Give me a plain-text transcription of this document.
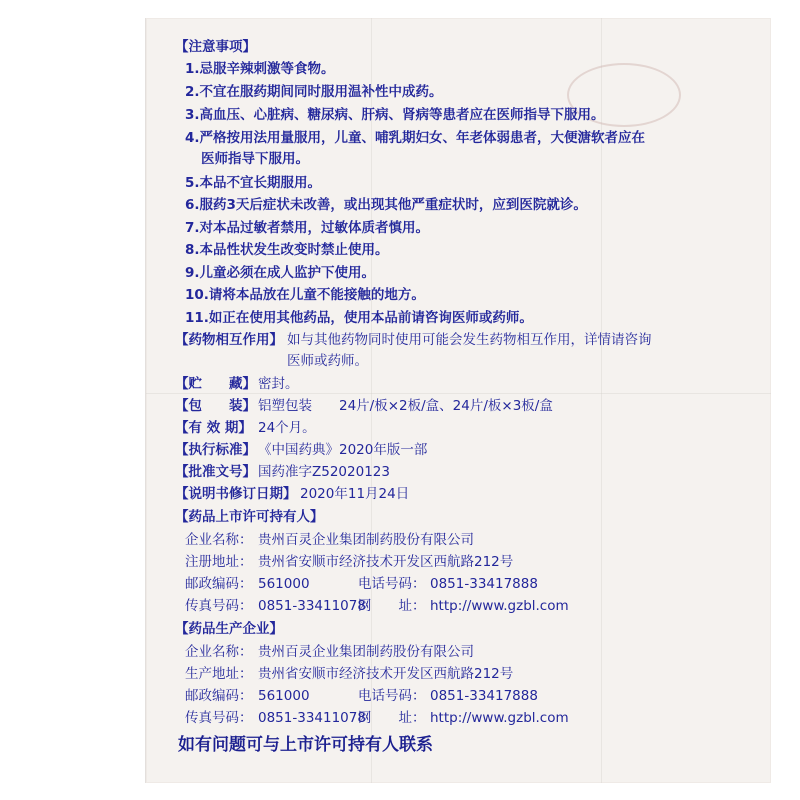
【注意事项】
1.忌服辛辣刺激等食物。
2.不宜在服药期间同时服用温补性中成药。
3.高血压、心脏病、糖尿病、肝病、肾病等患者应在医师指导下服用。
4.严格按用法用量服用，儿童、哺乳期妇女、年老体弱患者，大便溏软者应在
医师指导下服用。
5.本品不宜长期服用。
6.服药3天后症状未改善，或出现其他严重症状时，应到医院就诊。
7.对本品过敏者禁用，过敏体质者慎用。
8.本品性状发生改变时禁止使用。
9.儿童必须在成人监护下使用。
10.请将本品放在儿童不能接触的地方。
11.如正在使用其他药品，使用本品前请咨询医师或药师。
【药物相互作用】 如与其他药物同时使用可能会发生药物相互作用，详情请咨询
医师或药师。
【贮　　藏】 密封。
【包　　装】 铝塑包装　　24片/板×2板/盒、24片/板×3板/盒
【有 效 期】 24个月。
【执行标准】 《中国药典》2020年版一部
【批准文号】 国药准字Z52020123
【说明书修订日期】 2020年11月24日
【药品上市许可持有人】
企业名称： 贵州百灵企业集团制药股份有限公司
注册地址： 贵州省安顺市经济技术开发区西航路212号
邮政编码： 561000	电话号码： 0851-33417888
传真号码： 0851-33411078
网　　址： http://www.gzbl.com
【药品生产企业】
企业名称： 贵州百灵企业集团制药股份有限公司
生产地址： 贵州省安顺市经济技术开发区西航路212号
邮政编码： 561000	电话号码： 0851-33417888
传真号码： 0851-33411078
网　　址： http://www.gzbl.com
如有问题可与上市许可持有人联系
